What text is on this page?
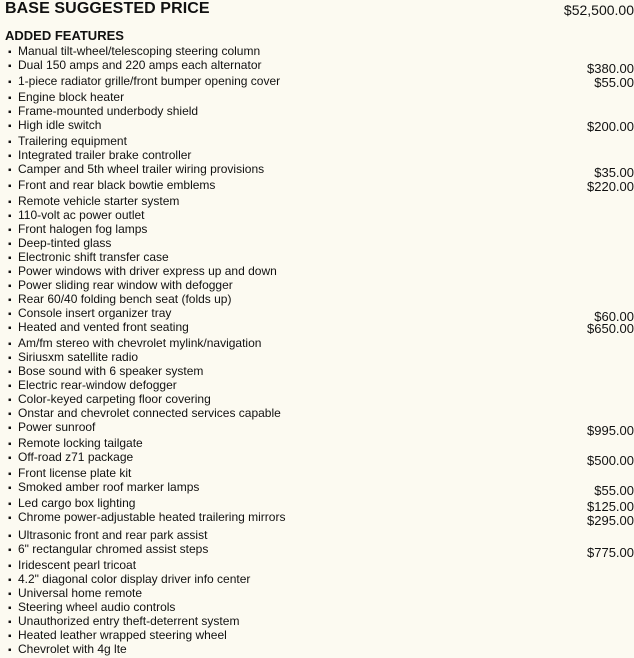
BASE SUGGESTED PRICE	$52,500.00
ADDED FEATURES
▪ Manual tilt-wheel/telescoping steering column
▪ Dual 150 amps and 220 amps each alternator	$380.00
▪ 1-piece radiator grille/front bumper opening cover	$55.00
▪ Engine block heater
▪ Frame-mounted underbody shield
▪ High idle switch	$200.00
▪ Trailering equipment
▪ Integrated trailer brake controller
▪ Camper and 5th wheel trailer wiring provisions	$35.00
▪ Front and rear black bowtie emblems	$220.00
▪ Remote vehicle starter system
▪ 110-volt ac power outlet
▪ Front halogen fog lamps
▪ Deep-tinted glass
▪ Electronic shift transfer case
▪ Power windows with driver express up and down
▪ Power sliding rear window with defogger
▪ Rear 60/40 folding bench seat (folds up)
▪ Console insert organizer tray	$60.00
▪ Heated and vented front seating	$650.00
▪ Am/fm stereo with chevrolet mylink/navigation
▪ Siriusxm satellite radio
▪ Bose sound with 6 speaker system
▪ Electric rear-window defogger
▪ Color-keyed carpeting floor covering
▪ Onstar and chevrolet connected services capable
▪ Power sunroof	$995.00
▪ Remote locking tailgate
▪ Off-road z71 package	$500.00
▪ Front license plate kit
▪ Smoked amber roof marker lamps	$55.00
▪ Led cargo box lighting	$125.00
▪ Chrome power-adjustable heated trailering mirrors	$295.00
▪ Ultrasonic front and rear park assist
▪ 6" rectangular chromed assist steps	$775.00
▪ Iridescent pearl tricoat
▪ 4.2" diagonal color display driver info center
▪ Universal home remote
▪ Steering wheel audio controls
▪ Unauthorized entry theft-deterrent system
▪ Heated leather wrapped steering wheel
▪ Chevrolet with 4g lte
